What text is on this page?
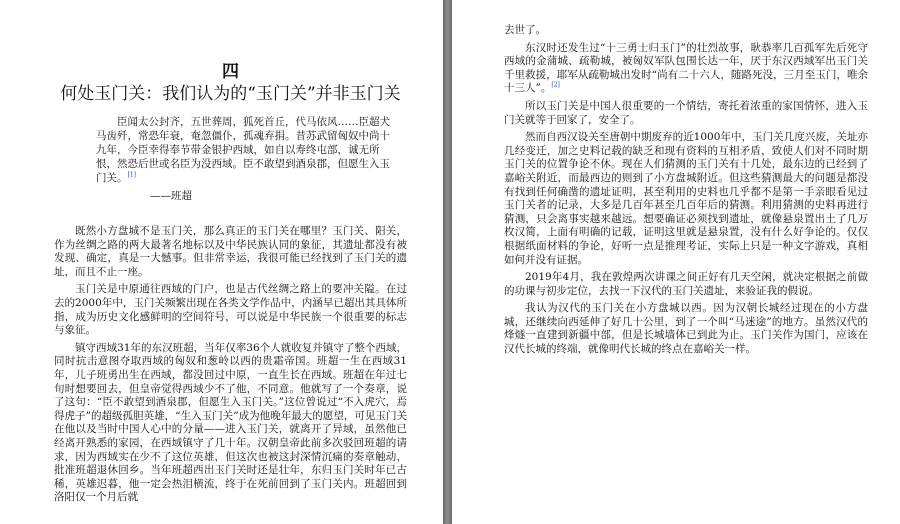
四
何处玉门关：我们认为的“玉门关”并非玉门关

臣闻太公封齐，五世葬周，狐死首丘，代马依风……臣超犬马齿歼，常恐年衰，奄忽僵仆，孤魂弃捐。昔苏武留匈奴中尚十九年，今臣幸得奉节带金银护西域，如自以寿终屯部，诚无所恨，然恐后世或名臣为没西域。臣不敢望到酒泉郡，但愿生入玉门关。[1]

——班超

既然小方盘城不是玉门关，那么真正的玉门关在哪里？玉门关、阳关，作为丝绸之路的两大最著名地标以及中华民族认同的象征，其遗址都没有被发现、确定，真是一大憾事。但非常幸运，我很可能已经找到了玉门关的遗址，而且不止一座。

玉门关是中原通往西域的门户，也是古代丝绸之路上的要冲关隘。在过去的2000年中，玉门关频繁出现在各类文学作品中，内涵早已超出其具体所指，成为历史文化感鲜明的空间符号，可以说是中华民族一个很重要的标志与象征。

镇守西域31年的东汉班超，当年仅率36个人就收复并镇守了整个西域，同时抗击意图夺取西域的匈奴和葱岭以西的贵霜帝国。班超一生在西域31年，儿子班勇出生在西域，都没回过中原，一直生长在西域。班超在年过七旬时想要回去，但皇帝觉得西域少不了他，不同意。他就写了一个奏章，说了这句：“臣不敢望到酒泉郡，但愿生入玉门关。”这位曾说过“不入虎穴，焉得虎子”的超级孤胆英雄，“生入玉门关”成为他晚年最大的愿望，可见玉门关在他以及当时中国人心中的分量——进入玉门关，就离开了异域，虽然他已经离开熟悉的家园，在西域镇守了几十年。汉朝皇帝此前多次驳回班超的请求，因为西域实在少不了这位英雄，但这次也被这封深情沉痛的奏章触动，批准班超退休回乡。当年班超西出玉门关时还是壮年，东归玉门关时年已古稀，英雄迟暮，他一定会热泪横流，终于在死前回到了玉门关内。班超回到洛阳仅一个月后就

去世了。

东汉时还发生过“十三勇士归玉门”的壮烈故事，耿恭率几百孤军先后死守西域的金蒲城、疏勒城，被匈奴军队包围长达一年，厌于东汉西域军出玉门关千里救援，耶军从疏勒城出发时“尚有二十六人，随路死没，三月至玉门，唯余十三人”。[2]

所以玉门关是中国人很重要的一个情结，寄托着浓重的家国情怀，进入玉门关就等于回家了，安全了。

然而自西汉设关至唐朝中期废弃的近1000年中，玉门关几度兴废，关址亦几经变迁，加之史料记载的缺乏和现有资料的互相矛盾，致使人们对不同时期玉门关的位置争论不休。现在人们猜测的玉门关有十几处，最东边的已经到了嘉峪关附近，而最西边的则到了小方盘城附近。但这些猜测最大的问题是都没有找到任何确凿的遗址证明，甚至利用的史料也几乎都不是第一手亲眼看见过玉门关者的记录，大多是几百年甚至几百年后的猜测。利用猜测的史料再进行猜测，只会离事实越来越远。想要确证必须找到遗址，就像悬泉置出土了几万枚汉简，上面有明确的记载，证明这里就是悬泉置，没有什么好争论的。仅仅根据纸面材料的争论，好听一点是推理考证，实际上只是一种文字游戏，真相如何并没有证据。

2019年4月，我在敦煌两次讲课之间正好有几天空闲，就决定根据之前做的功课与初步定位，去找一下汉代的玉门关遗址，来验证我的假说。

我认为汉代的玉门关在小方盘城以西。因为汉朝长城经过现在的小方盘城，还继续向西延伸了好几十公里，到了一个叫“马迷途”的地方。虽然汉代的烽燧一直建到新疆中部，但是长城墙体已到此为止。玉门关作为国门，应该在汉代长城的终端，就像明代长城的终点在嘉峪关一样。
